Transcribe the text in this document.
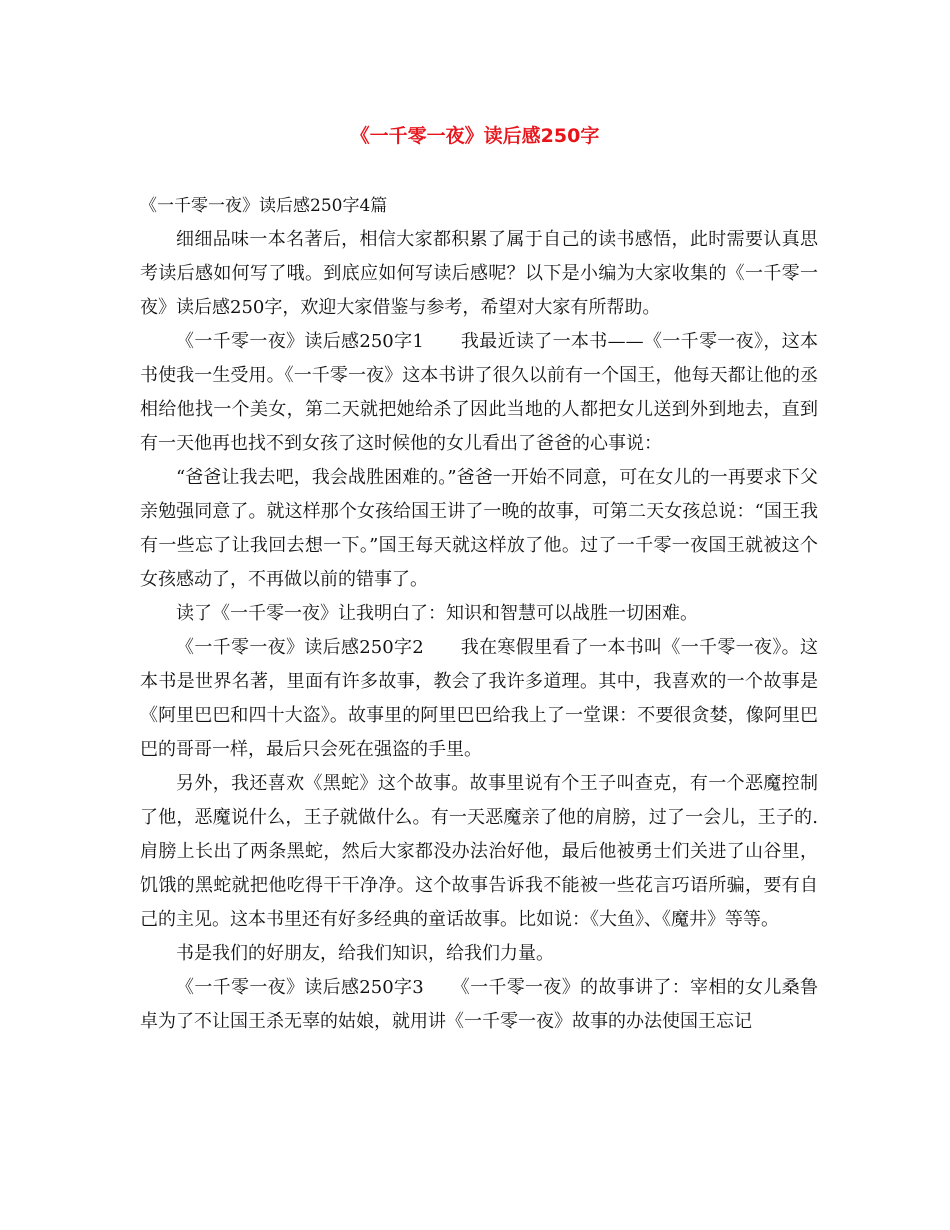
《一千零一夜》读后感250字

《一千零一夜》读后感250字4篇

细细品味一本名著后，相信大家都积累了属于自己的读书感悟，此时需要认真思考读后感如何写了哦。到底应如何写读后感呢？以下是小编为大家收集的《一千零一夜》读后感250字，欢迎大家借鉴与参考，希望对大家有所帮助。

《一千零一夜》读后感250字1　　我最近读了一本书——《一千零一夜》，这本书使我一生受用。《一千零一夜》这本书讲了很久以前有一个国王，他每天都让他的丞相给他找一个美女，第二天就把她给杀了因此当地的人都把女儿送到外到地去，直到有一天他再也找不到女孩了这时候他的女儿看出了爸爸的心事说：

“爸爸让我去吧，我会战胜困难的。”爸爸一开始不同意，可在女儿的一再要求下父亲勉强同意了。就这样那个女孩给国王讲了一晚的故事，可第二天女孩总说：“国王我有一些忘了让我回去想一下。”国王每天就这样放了他。过了一千零一夜国王就被这个女孩感动了，不再做以前的错事了。

读了《一千零一夜》让我明白了：知识和智慧可以战胜一切困难。

《一千零一夜》读后感250字2　　我在寒假里看了一本书叫《一千零一夜》。这本书是世界名著，里面有许多故事，教会了我许多道理。其中，我喜欢的一个故事是《阿里巴巴和四十大盗》。故事里的阿里巴巴给我上了一堂课：不要很贪婪，像阿里巴巴的哥哥一样，最后只会死在强盗的手里。

另外，我还喜欢《黑蛇》这个故事。故事里说有个王子叫查克，有一个恶魔控制了他，恶魔说什么，王子就做什么。有一天恶魔亲了他的肩膀，过了一会儿，王子的.肩膀上长出了两条黑蛇，然后大家都没办法治好他，最后他被勇士们关进了山谷里，饥饿的黑蛇就把他吃得干干净净。这个故事告诉我不能被一些花言巧语所骗，要有自己的主见。这本书里还有好多经典的童话故事。比如说：《大鱼》、《魔井》等等。

书是我们的好朋友，给我们知识，给我们力量。

《一千零一夜》读后感250字3　　《一千零一夜》的故事讲了：宰相的女儿桑鲁卓为了不让国王杀无辜的姑娘，就用讲《一千零一夜》故事的办法使国王忘记
